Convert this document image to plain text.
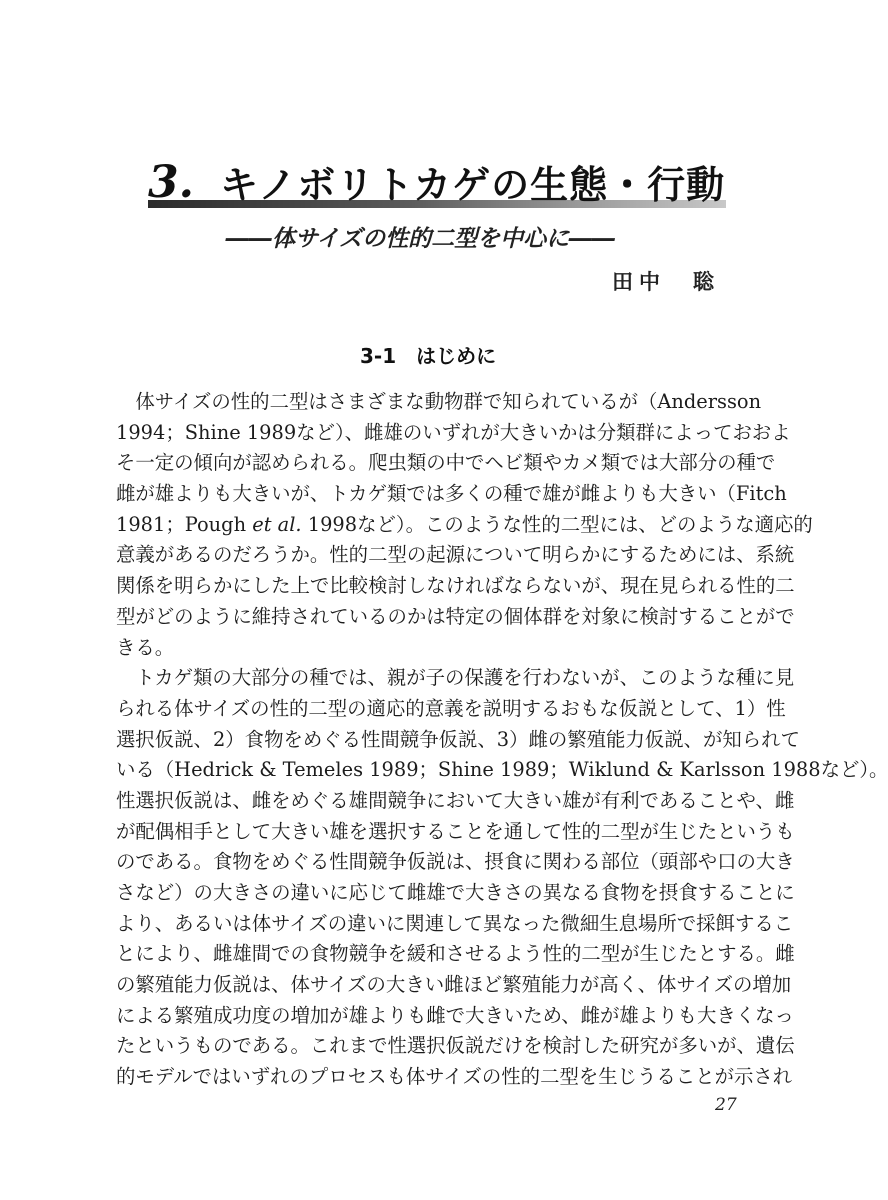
3. キノボリトカゲの生態・行動
――体サイズの性的二型を中心に――
田中　聡
3-1 はじめに
　体サイズの性的二型はさまざまな動物群で知られているが（Andersson
1994；Shine 1989など）、雌雄のいずれが大きいかは分類群によっておおよ
そ一定の傾向が認められる。爬虫類の中でヘビ類やカメ類では大部分の種で
雌が雄よりも大きいが、トカゲ類では多くの種で雄が雌よりも大きい（Fitch
1981；Pough et al. 1998など）。このような性的二型には、どのような適応的
意義があるのだろうか。性的二型の起源について明らかにするためには、系統
関係を明らかにした上で比較検討しなければならないが、現在見られる性的二
型がどのように維持されているのかは特定の個体群を対象に検討することがで
きる。
　トカゲ類の大部分の種では、親が子の保護を行わないが、このような種に見
られる体サイズの性的二型の適応的意義を説明するおもな仮説として、1）性
選択仮説、2）食物をめぐる性間競争仮説、3）雌の繁殖能力仮説、が知られて
いる（Hedrick & Temeles 1989；Shine 1989；Wiklund & Karlsson 1988など）。
性選択仮説は、雌をめぐる雄間競争において大きい雄が有利であることや、雌
が配偶相手として大きい雄を選択することを通して性的二型が生じたというも
のである。食物をめぐる性間競争仮説は、摂食に関わる部位（頭部や口の大き
さなど）の大きさの違いに応じて雌雄で大きさの異なる食物を摂食することに
より、あるいは体サイズの違いに関連して異なった微細生息場所で採餌するこ
とにより、雌雄間での食物競争を緩和させるよう性的二型が生じたとする。雌
の繁殖能力仮説は、体サイズの大きい雌ほど繁殖能力が高く、体サイズの増加
による繁殖成功度の増加が雄よりも雌で大きいため、雌が雄よりも大きくなっ
たというものである。これまで性選択仮説だけを検討した研究が多いが、遺伝
的モデルではいずれのプロセスも体サイズの性的二型を生じうることが示され
27
